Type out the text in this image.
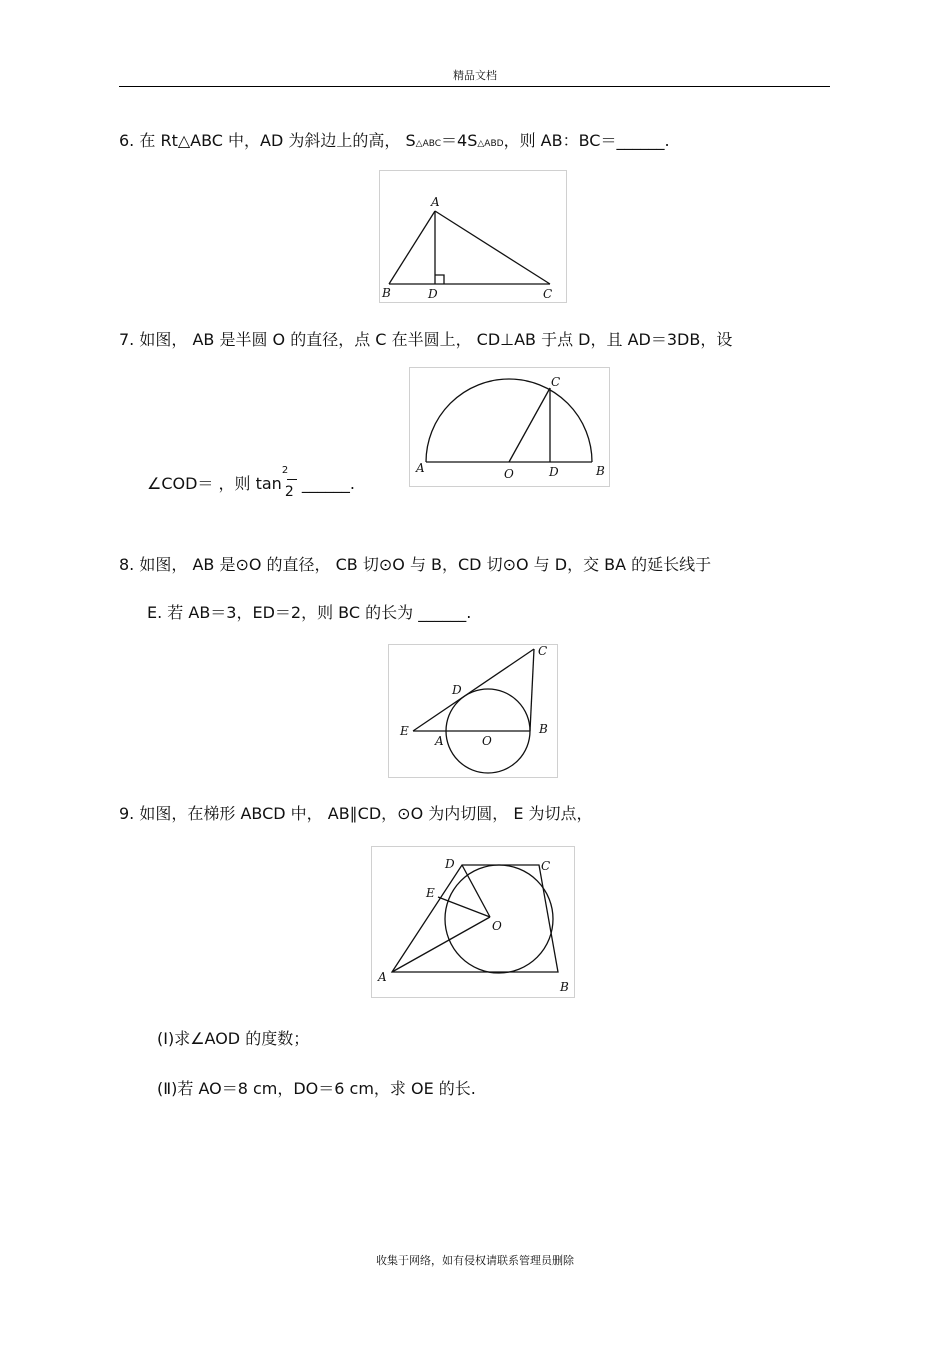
精品文档
6. 在 Rt△ABC 中，AD 为斜边上的高， S△ABC＝4S△ABD，则 AB：BC＝______.
A
B	D	C
7. 如图， AB 是半圆 O 的直径，点 C 在半圆上， CD⊥AB 于点 D，且 AD＝3DB，设
∠COD＝ ，则 tan
2
2 ______.
A	O	D	B
C
8. 如图， AB 是⊙O 的直径， CB 切⊙O 与 B，CD 切⊙O 与 D，交 BA 的延长线于
E. 若 AB＝3，ED＝2，则 BC 的长为 ______.
E
A	O
B
D
C
9. 如图，在梯形 ABCD 中， AB∥CD，⊙O 为内切圆， E 为切点，
A
B
C
D
E
O
(Ⅰ)求∠AOD 的度数；
(Ⅱ)若 AO＝8 cm，DO＝6 cm，求 OE 的长.
收集于网络，如有侵权请联系管理员删除
